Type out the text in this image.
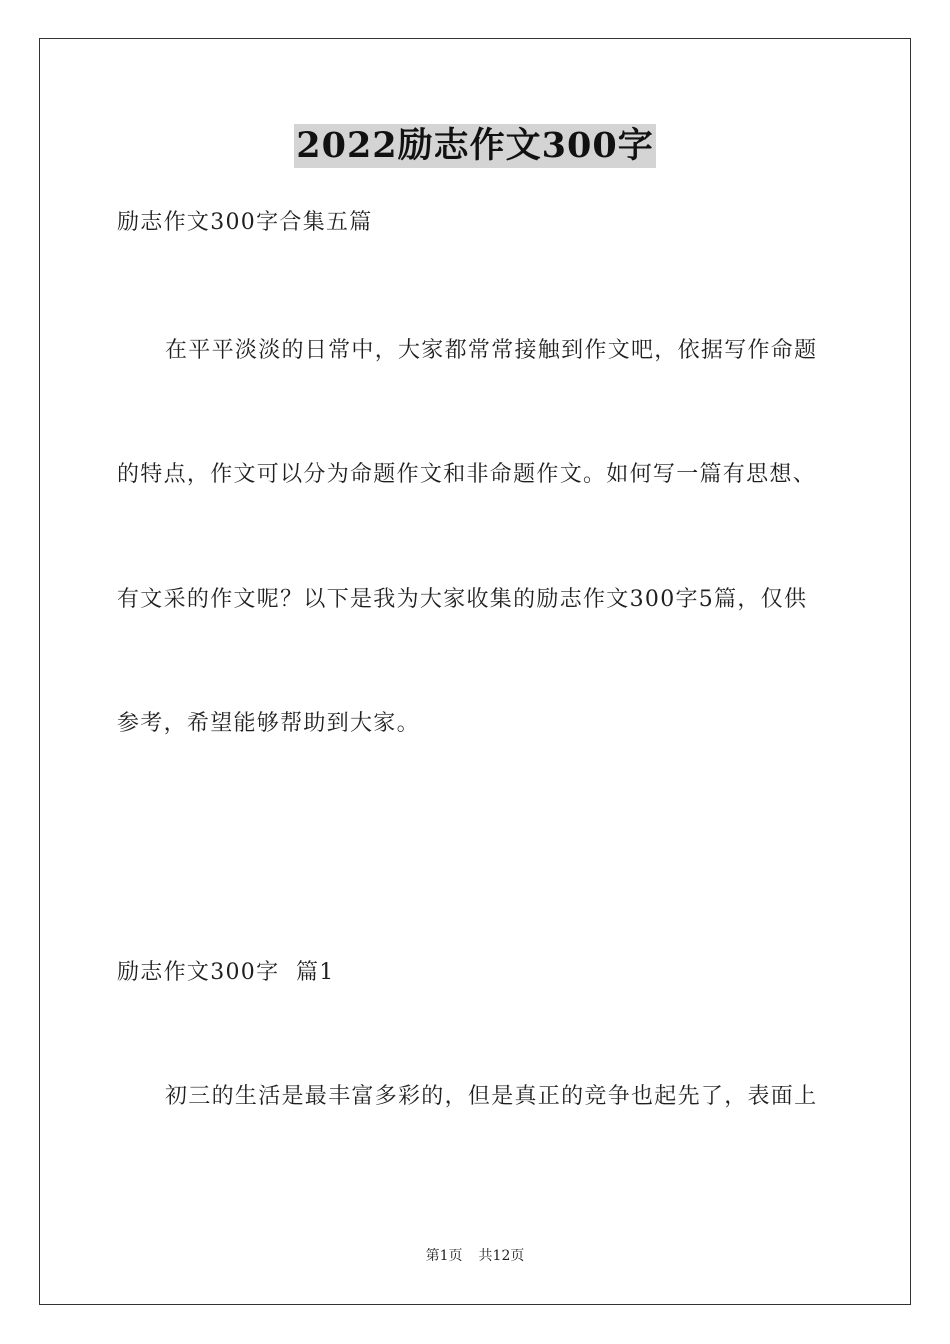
2022励志作文300字
励志作文300字合集五篇
在平平淡淡的日常中，大家都常常接触到作文吧，依据写作命题
的特点，作文可以分为命题作文和非命题作文。如何写一篇有思想、
有文采的作文呢？以下是我为大家收集的励志作文300字5篇，仅供
参考，希望能够帮助到大家。
励志作文300字  篇1
初三的生活是最丰富多彩的，但是真正的竞争也起先了，表面上
第1页 共12页
